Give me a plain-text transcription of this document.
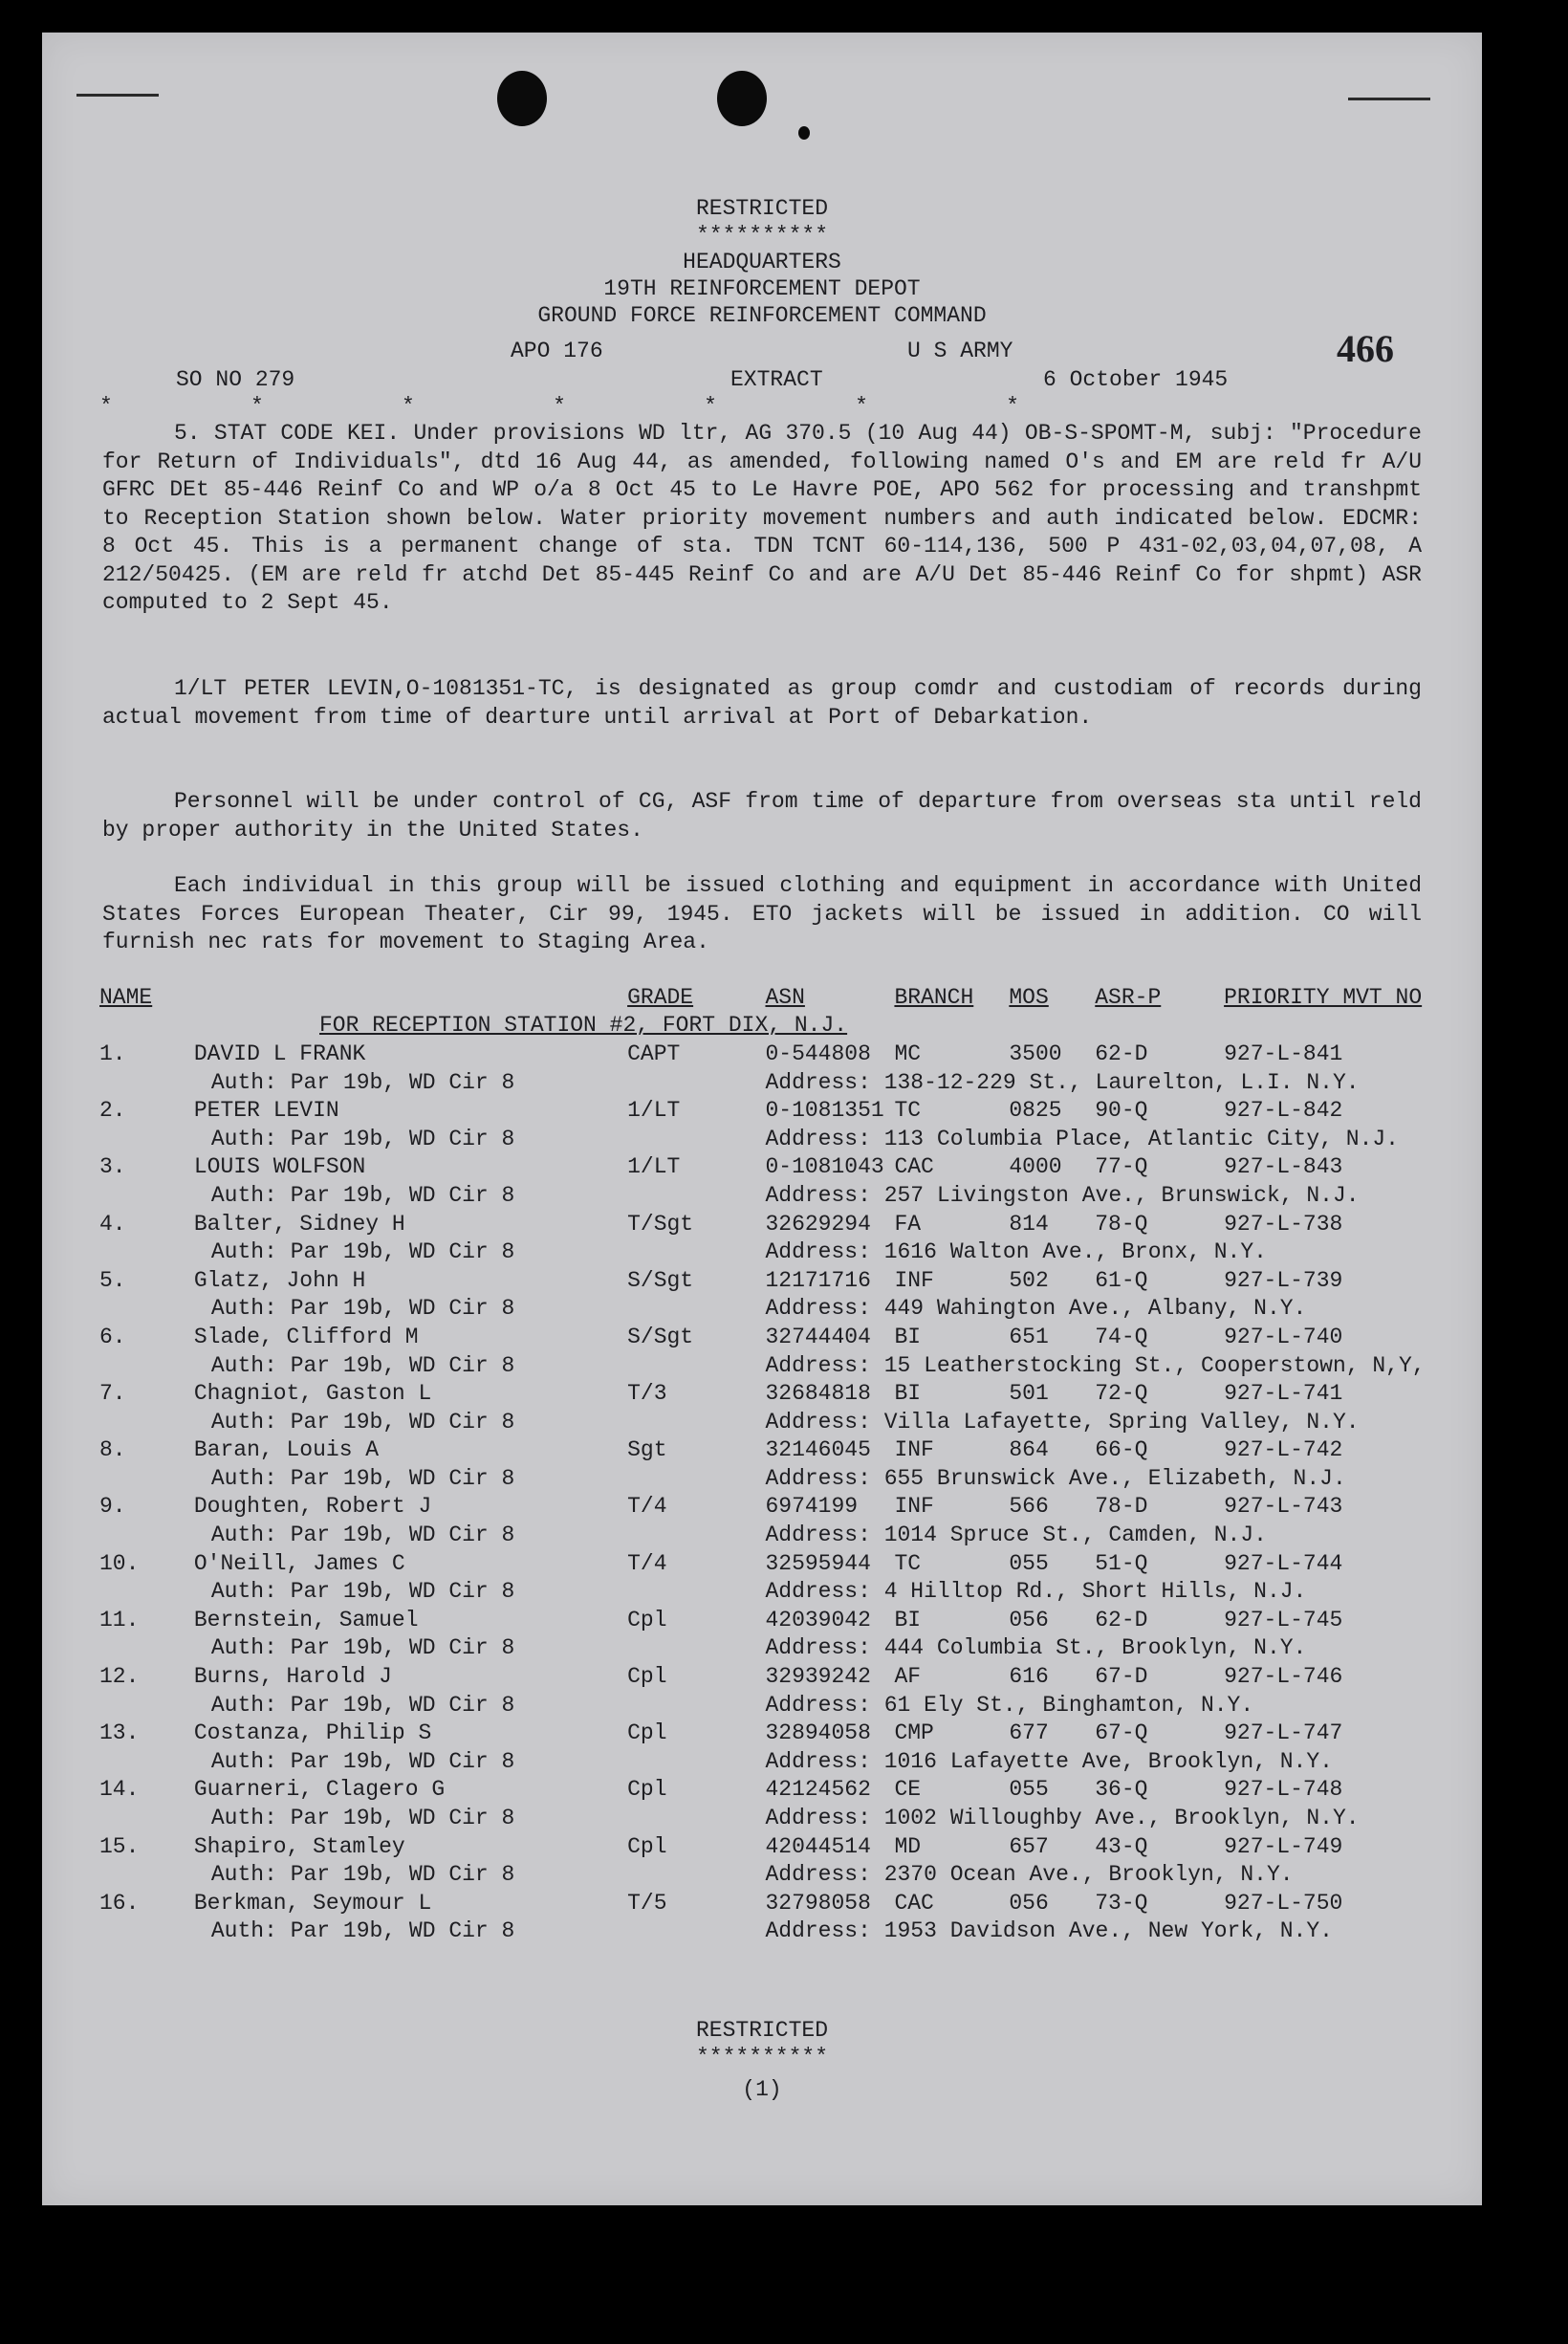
RESTRICTED
**********
HEADQUARTERS
19TH REINFORCEMENT DEPOT
GROUND FORCE REINFORCEMENT COMMAND
APO 176	U S ARMY	466
SO NO 279	EXTRACT	6 October 1945
*         *         *         *         *         *         *
5. STAT CODE KEI. Under provisions WD ltr, AG 370.5 (10 Aug 44) OB-S-SPOMT-M, subj: "Procedure for Return of Individuals", dtd 16 Aug 44, as amended, following named O's and EM are reld fr A/U GFRC DEt 85-446 Reinf Co and WP o/a 8 Oct 45 to Le Havre POE, APO 562 for processing and transhpmt to Reception Station shown below. Water priority movement numbers and auth indicated below. EDCMR: 8 Oct 45. This is a permanent change of sta. TDN TCNT 60-114,136, 500 P 431-02,03,04,07,08, A 212/50425. (EM are reld fr atchd Det 85-445 Reinf Co and are A/U Det 85-446 Reinf Co for shpmt) ASR computed to 2 Sept 45.
1/LT PETER LEVIN,O-1081351-TC, is designated as group comdr and custodiam of records during actual movement from time of dearture until arrival at Port of Debarkation.
Personnel will be under control of CG, ASF from time of departure from overseas sta until reld by proper authority in the United States.
Each individual in this group will be issued clothing and equipment in accordance with United States Forces European Theater, Cir 99, 1945. ETO jackets will be issued in addition. CO will furnish nec rats for movement to Staging Area.
NAME		GRADE	ASN	BRANCH	MOS	ASR-P	PRIORITY MVT NO
FOR RECEPTION STATION #2, FORT DIX, N.J.							
1.	DAVID L FRANK	CAPT	0-544808	MC	3500	62-D	927-L-841
	Auth: Par 19b, WD Cir 8		Address: 138-12-229 St., Laurelton, L.I. N.Y.				
2.	PETER LEVIN	1/LT	0-1081351	TC	0825	90-Q	927-L-842
	Auth: Par 19b, WD Cir 8		Address: 113 Columbia Place, Atlantic City, N.J.				
3.	LOUIS WOLFSON	1/LT	0-1081043	CAC	4000	77-Q	927-L-843
	Auth: Par 19b, WD Cir 8		Address: 257 Livingston Ave., Brunswick, N.J.				
4.	Balter, Sidney H	T/Sgt	32629294	FA	814	78-Q	927-L-738
	Auth: Par 19b, WD Cir 8		Address: 1616 Walton Ave., Bronx, N.Y.				
5.	Glatz, John H	S/Sgt	12171716	INF	502	61-Q	927-L-739
	Auth: Par 19b, WD Cir 8		Address: 449 Wahington Ave., Albany, N.Y.				
6.	Slade, Clifford M	S/Sgt	32744404	BI	651	74-Q	927-L-740
	Auth: Par 19b, WD Cir 8		Address: 15 Leatherstocking St., Cooperstown, N,Y,				
7.	Chagniot, Gaston L	T/3	32684818	BI	501	72-Q	927-L-741
	Auth: Par 19b, WD Cir 8		Address: Villa Lafayette, Spring Valley, N.Y.				
8.	Baran, Louis A	Sgt	32146045	INF	864	66-Q	927-L-742
	Auth: Par 19b, WD Cir 8		Address: 655 Brunswick Ave., Elizabeth, N.J.				
9.	Doughten, Robert J	T/4	6974199	INF	566	78-D	927-L-743
	Auth: Par 19b, WD Cir 8		Address: 1014 Spruce St., Camden, N.J.				
10.	O'Neill, James C	T/4	32595944	TC	055	51-Q	927-L-744
	Auth: Par 19b, WD Cir 8		Address: 4 Hilltop Rd., Short Hills, N.J.				
11.	Bernstein, Samuel	Cpl	42039042	BI	056	62-D	927-L-745
	Auth: Par 19b, WD Cir 8		Address: 444 Columbia St., Brooklyn, N.Y.				
12.	Burns, Harold J	Cpl	32939242	AF	616	67-D	927-L-746
	Auth: Par 19b, WD Cir 8		Address: 61 Ely St., Binghamton, N.Y.				
13.	Costanza, Philip S	Cpl	32894058	CMP	677	67-Q	927-L-747
	Auth: Par 19b, WD Cir 8		Address: 1016 Lafayette Ave, Brooklyn, N.Y.				
14.	Guarneri, Clagero G	Cpl	42124562	CE	055	36-Q	927-L-748
	Auth: Par 19b, WD Cir 8		Address: 1002 Willoughby Ave., Brooklyn, N.Y.				
15.	Shapiro, Stamley	Cpl	42044514	MD	657	43-Q	927-L-749
	Auth: Par 19b, WD Cir 8		Address: 2370 Ocean Ave., Brooklyn, N.Y.				
16.	Berkman, Seymour L	T/5	32798058	CAC	056	73-Q	927-L-750
	Auth: Par 19b, WD Cir 8		Address: 1953 Davidson Ave., New York, N.Y.				
RESTRICTED
**********
(1)
